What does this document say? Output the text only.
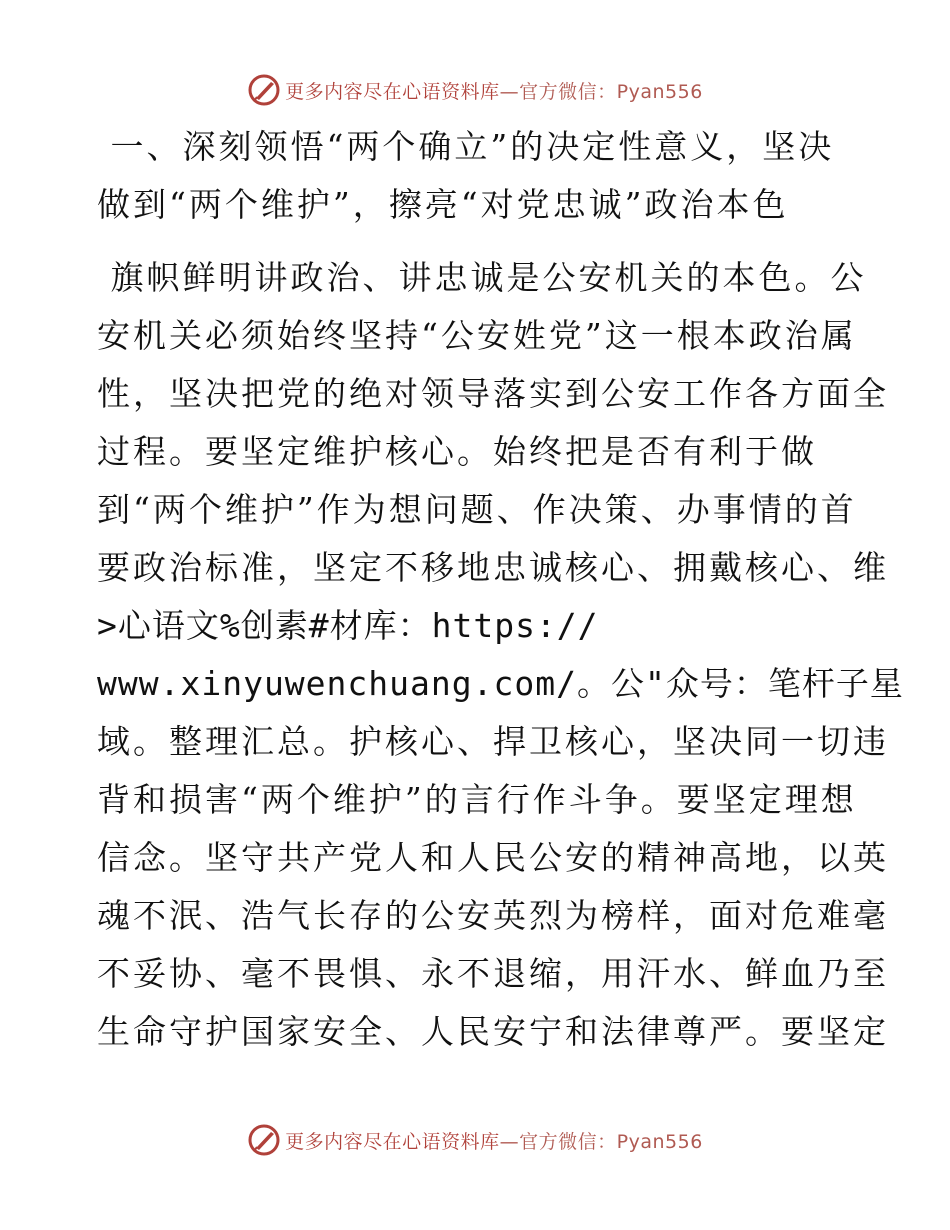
更多内容尽在心语资料库—官方微信：Pyan556
一、深刻领悟“两个确立”的决定性意义，坚决
做到“两个维护”，擦亮“对党忠诚”政治本色
旗帜鲜明讲政治、讲忠诚是公安机关的本色。公
安机关必须始终坚持“公安姓党”这一根本政治属
性，坚决把党的绝对领导落实到公安工作各方面全
过程。要坚定维护核心。始终把是否有利于做
到“两个维护”作为想问题、作决策、办事情的首
要政治标准，坚定不移地忠诚核心、拥戴核心、维
>心语文%创素#材库：https://
www.xinyuwenchuang.com/。公"众号：笔杆子星
域。整理汇总。护核心、捍卫核心，坚决同一切违
背和损害“两个维护”的言行作斗争。要坚定理想
信念。坚守共产党人和人民公安的精神高地，以英
魂不泯、浩气长存的公安英烈为榜样，面对危难毫
不妥协、毫不畏惧、永不退缩，用汗水、鲜血乃至
生命守护国家安全、人民安宁和法律尊严。要坚定
更多内容尽在心语资料库—官方微信：Pyan556
